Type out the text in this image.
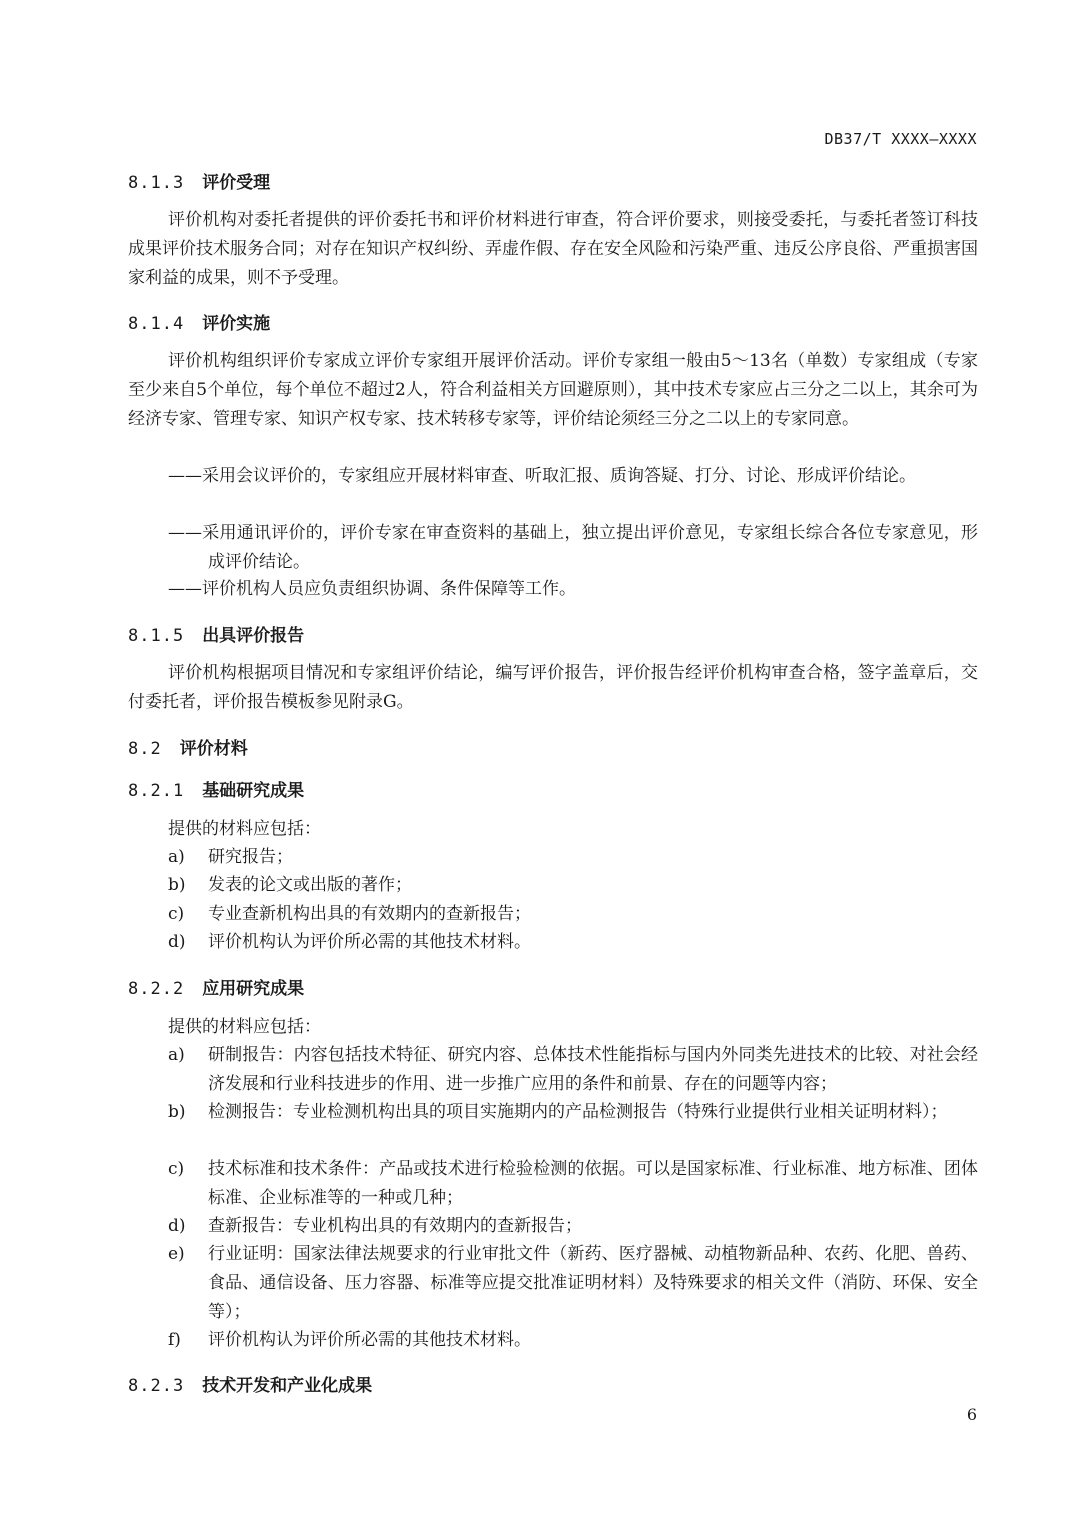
DB37/T XXXX—XXXX
8.1.3 评价受理

评价机构对委托者提供的评价委托书和评价材料进行审查，符合评价要求，则接受委托，与委托者签订科技成果评价技术服务合同；对存在知识产权纠纷、弄虚作假、存在安全风险和污染严重、违反公序良俗、严重损害国家利益的成果，则不予受理。

8.1.4 评价实施

评价机构组织评价专家成立评价专家组开展评价活动。评价专家组一般由5～13名（单数）专家组成（专家至少来自5个单位，每个单位不超过2人，符合利益相关方回避原则），其中技术专家应占三分之二以上，其余可为经济专家、管理专家、知识产权专家、技术转移专家等，评价结论须经三分之二以上的专家同意。

——采用会议评价的，专家组应开展材料审查、听取汇报、质询答疑、打分、讨论、形成评价结论。

——采用通讯评价的，评价专家在审查资料的基础上，独立提出评价意见，专家组长综合各位专家意见，形成评价结论。

——评价机构人员应负责组织协调、条件保障等工作。

8.1.5 出具评价报告

评价机构根据项目情况和专家组评价结论，编写评价报告，评价报告经评价机构审查合格，签字盖章后，交付委托者，评价报告模板参见附录G。

8.2 评价材料
8.2.1 基础研究成果

提供的材料应包括：

a)	研究报告；
b)	发表的论文或出版的著作；
c)	专业查新机构出具的有效期内的查新报告；
d)	评价机构认为评价所必需的其他技术材料。
8.2.2 应用研究成果

提供的材料应包括：

a)	研制报告：内容包括技术特征、研究内容、总体技术性能指标与国内外同类先进技术的比较、对社会经济发展和行业科技进步的作用、进一步推广应用的条件和前景、存在的问题等内容；
b)	检测报告：专业检测机构出具的项目实施期内的产品检测报告（特殊行业提供行业相关证明材料）；
c)	技术标准和技术条件：产品或技术进行检验检测的依据。可以是国家标准、行业标准、地方标准、团体标准、企业标准等的一种或几种；
d)	查新报告：专业机构出具的有效期内的查新报告；
e)	行业证明：国家法律法规要求的行业审批文件（新药、医疗器械、动植物新品种、农药、化肥、兽药、食品、通信设备、压力容器、标准等应提交批准证明材料）及特殊要求的相关文件（消防、环保、安全等）；
f)	评价机构认为评价所必需的其他技术材料。
8.2.3 技术开发和产业化成果
6
